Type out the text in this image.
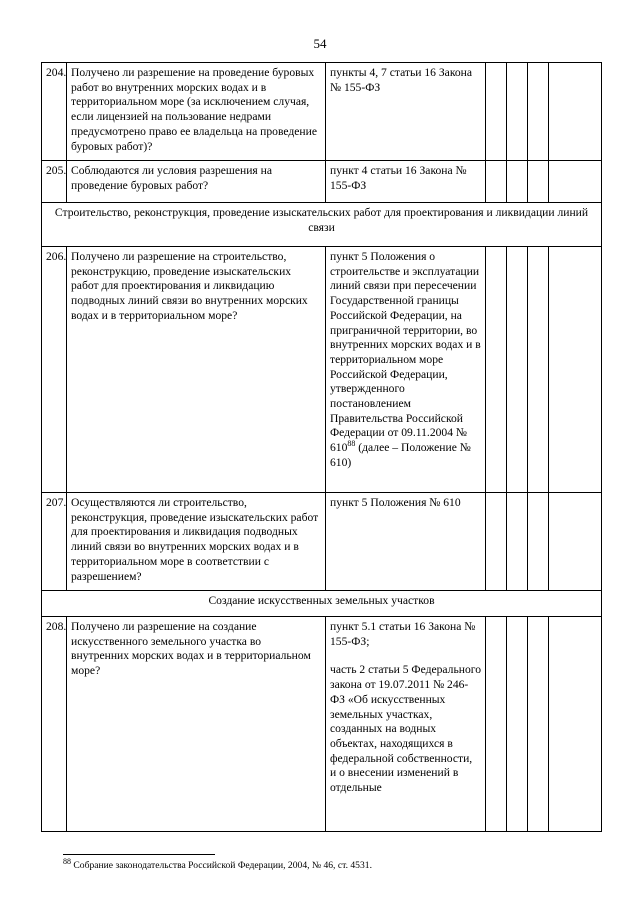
54
204.	Получено ли разрешение на проведение буровых работ во внутренних морских водах и в территориальном море (за исключением случая, если лицензией на пользование недрами предусмотрено право ее владельца на проведение буровых работ)?	пункты 4, 7 статьи 16 Закона № 155-ФЗ				
205.	Соблюдаются ли условия разрешения на проведение буровых работ?	пункт 4 статьи 16 Закона № 155-ФЗ				
Строительство, реконструкция, проведение изыскательских работ для проектирования и ликвидации линий связи						
206.	Получено ли разрешение на строительство, реконструкцию, проведение изыскательских работ для проектирования и ликвидацию подводных линий связи во внутренних морских водах и в территориальном море?	пункт 5 Положения о строительстве и эксплуатации линий связи при пересечении Государственной границы Российской Федерации, на приграничной территории, во внутренних морских водах и в территориальном море Российской Федерации, утвержденного постановлением Правительства Российской Федерации от 09.11.2004 № $610^{88}$ (далее – Положение № 610)				
207.	Осуществляются ли строительство, реконструкция, проведение изыскательских работ для проектирования и ликвидация подводных линий связи во внутренних морских водах и в территориальном море в соответствии с разрешением?	пункт 5 Положения № 610				
Создание искусственных земельных участков						
208.	Получено ли разрешение на создание искусственного земельного участка во внутренних морских водах и в территориальном море?	пункт 5.1 статьи 16 Закона № 155-ФЗ;
часть 2 статьи 5 Федерального закона от 19.07.2011 № 246-ФЗ «Об искусственных земельных участках, созданных на водных объектах, находящихся в федеральной собственности, и о внесении изменений в отдельные				

$^{88}$ Собрание законодательства Российской Федерации, 2004, № 46, ст. 4531.
